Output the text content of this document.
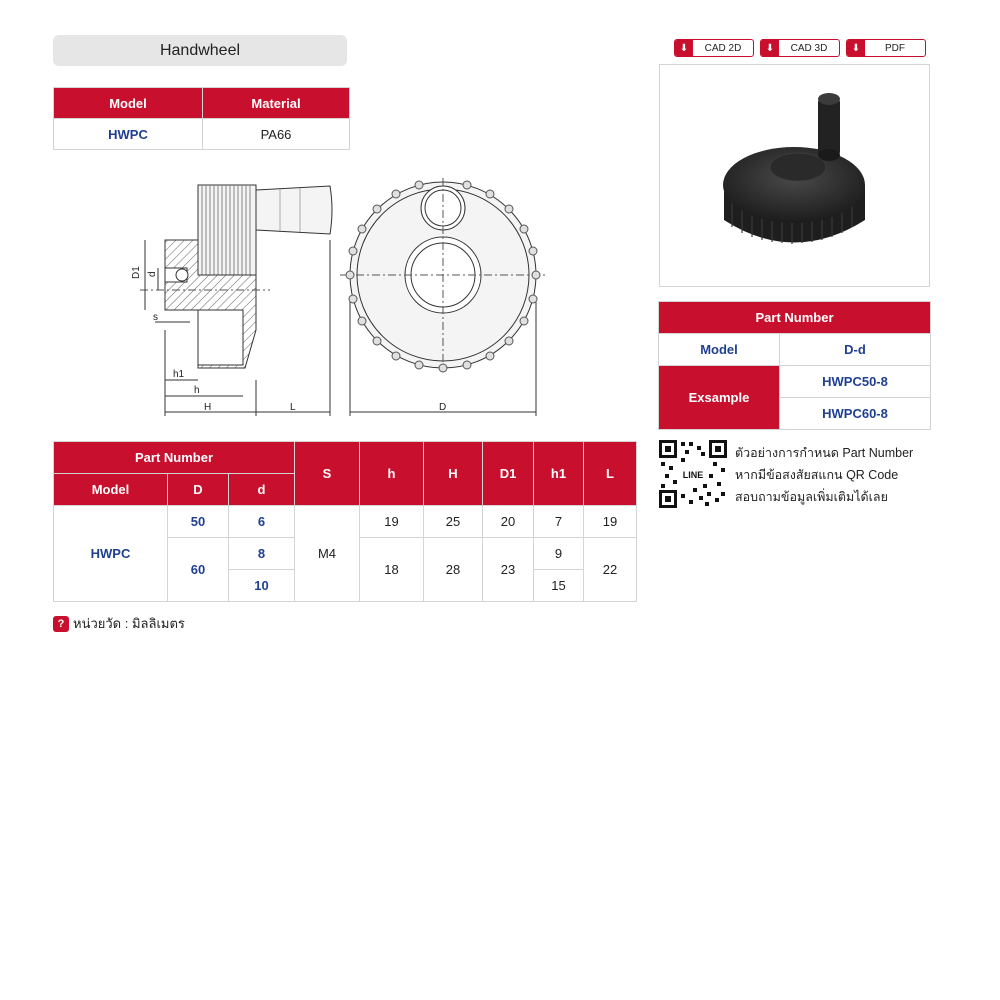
Handwheel	⬇	CAD 2D	⬇	CAD 3D	⬇	PDF
Model	Material
HWPC	PA66
D1 d
s
h1
h
H	L	D
Part Number	
Model	D-d
Exsample	HWPC50-8
	HWPC60-8
LINE
ตัวอย่างการกำหนด Part Number
หากมีข้อสงสัยสแกน QR Code
สอบถามข้อมูลเพิ่มเติมได้เลย
Part Number			S	h	H	D1	h1	L
Model	D	d						
HWPC	50	6	M4	19	25	20	7	19
	60	8		18	28	23	9	22
		10					15	
? หน่วยวัด : มิลลิเมตร
